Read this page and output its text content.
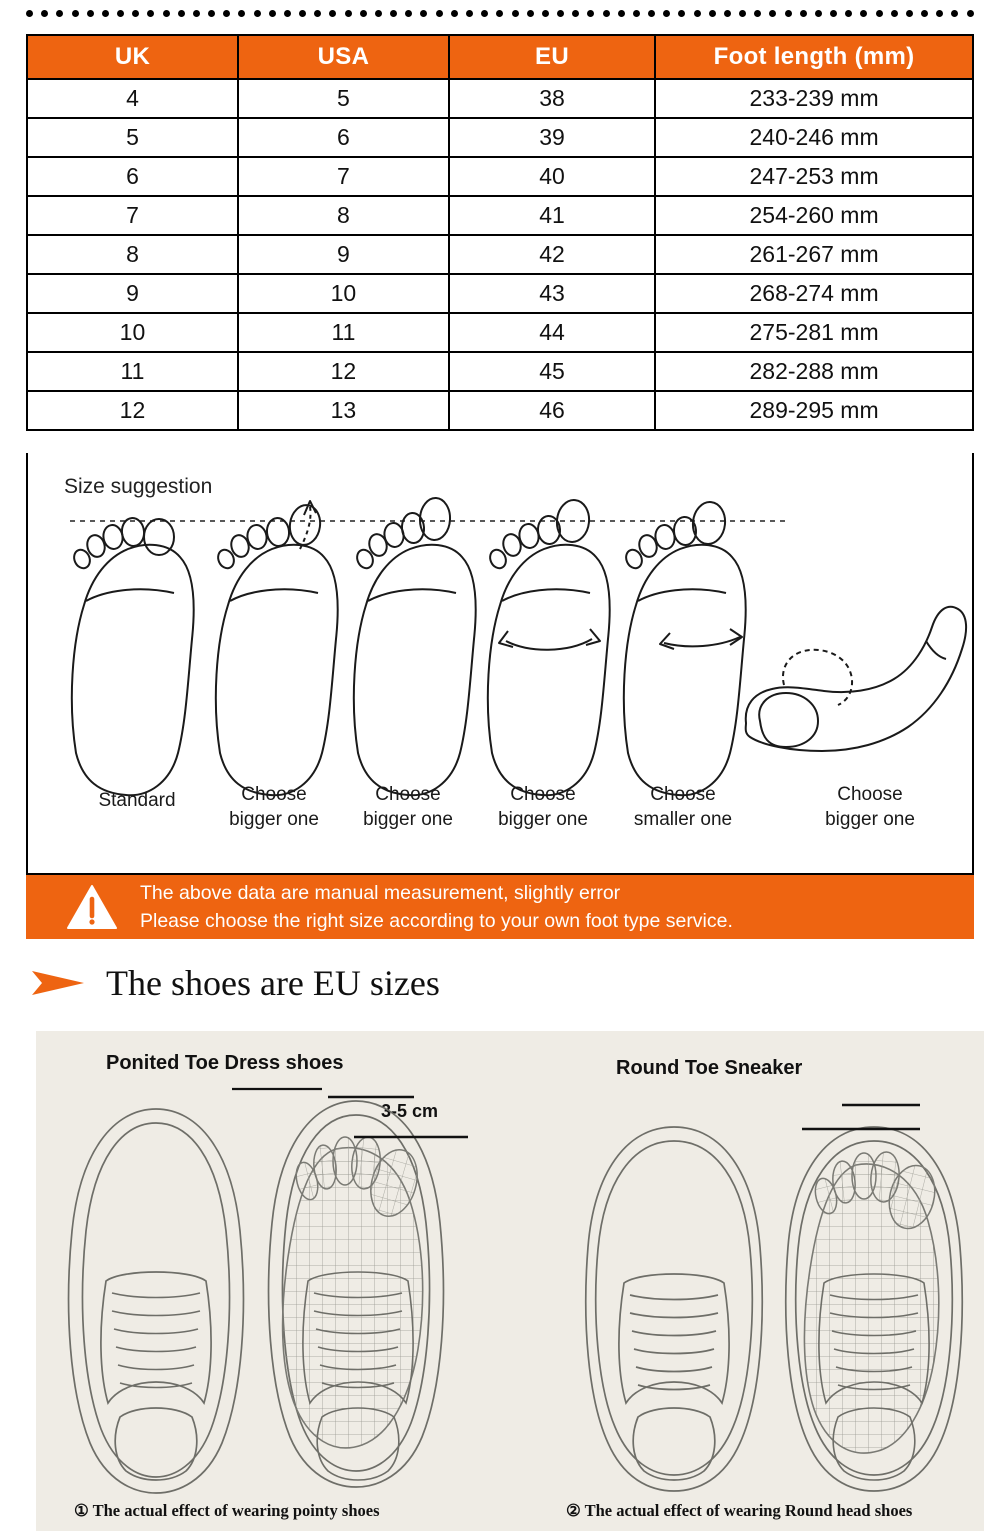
UK	USA	EU	Foot length (mm)
4	5	38	233-239 mm
5	6	39	240-246 mm
6	7	40	247-253 mm
7	8	41	254-260 mm
8	9	42	261-267 mm
9	10	43	268-274 mm
10	11	44	275-281 mm
11	12	45	282-288 mm
12	13	46	289-295 mm
Size suggestion
Standard	Choose
bigger one
Choose
bigger one
Choose
bigger one
Choose
smaller one
Choose
bigger one
The above data are manual measurement, slightly error
Please choose the right size according to your own foot type service.
The shoes are EU sizes
Ponited Toe Dress shoes	Round Toe Sneaker
3-5 cm
① The actual effect of wearing pointy shoes	② The actual effect of wearing Round head shoes
